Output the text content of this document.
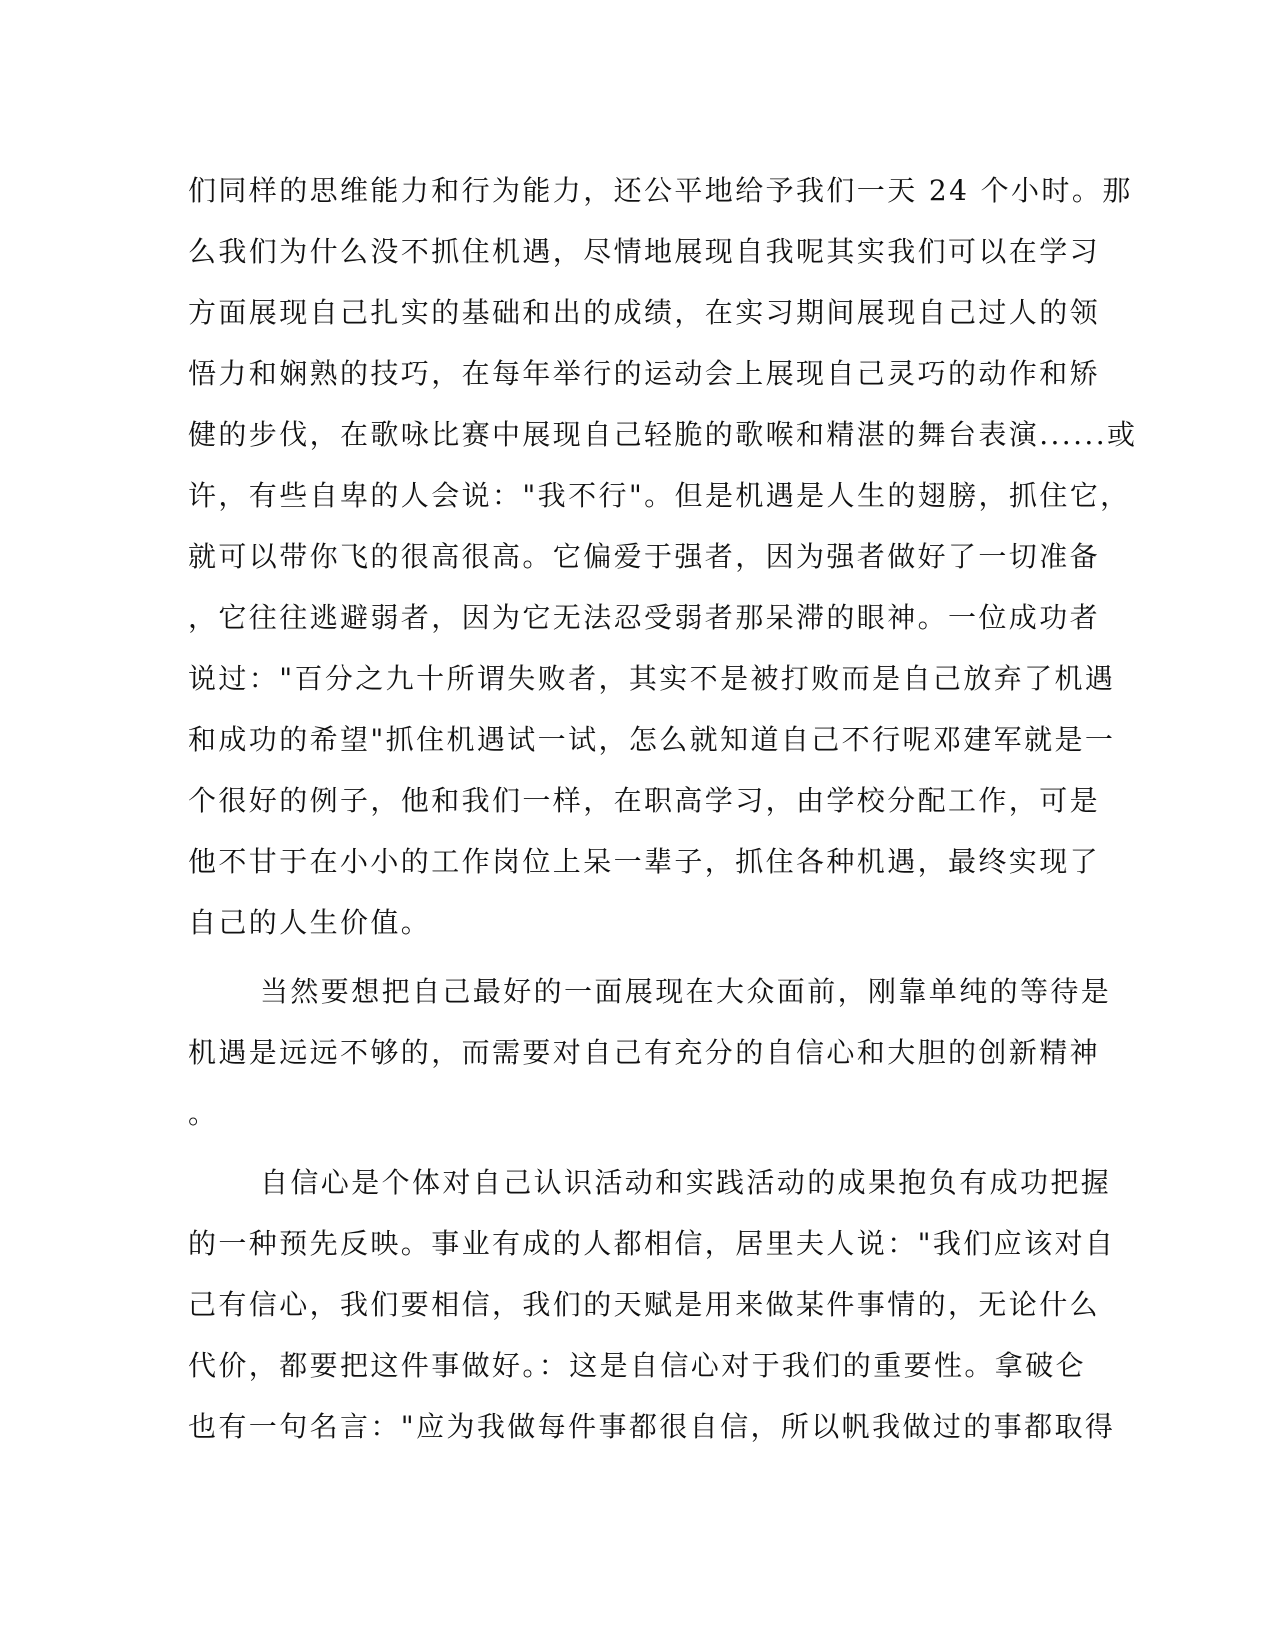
们同样的思维能力和行为能力，还公平地给予我们一天 24 个小时。那
么我们为什么没不抓住机遇，尽情地展现自我呢其实我们可以在学习
方面展现自己扎实的基础和出的成绩，在实习期间展现自己过人的领
悟力和娴熟的技巧，在每年举行的运动会上展现自己灵巧的动作和矫
健的步伐，在歌咏比赛中展现自己轻脆的歌喉和精湛的舞台表演......或
许，有些自卑的人会说："我不行"。但是机遇是人生的翅膀，抓住它，
就可以带你飞的很高很高。它偏爱于强者，因为强者做好了一切准备
，它往往逃避弱者，因为它无法忍受弱者那呆滞的眼神。一位成功者
说过："百分之九十所谓失败者，其实不是被打败而是自己放弃了机遇
和成功的希望"抓住机遇试一试，怎么就知道自己不行呢邓建军就是一
个很好的例子，他和我们一样，在职高学习，由学校分配工作，可是
他不甘于在小小的工作岗位上呆一辈子，抓住各种机遇，最终实现了
自己的人生价值。
当然要想把自己最好的一面展现在大众面前，刚靠单纯的等待是
机遇是远远不够的，而需要对自己有充分的自信心和大胆的创新精神
。
自信心是个体对自己认识活动和实践活动的成果抱负有成功把握
的一种预先反映。事业有成的人都相信，居里夫人说："我们应该对自
己有信心，我们要相信，我们的天赋是用来做某件事情的，无论什么
代价，都要把这件事做好。：这是自信心对于我们的重要性。拿破仑
也有一句名言："应为我做每件事都很自信，所以帆我做过的事都取得
